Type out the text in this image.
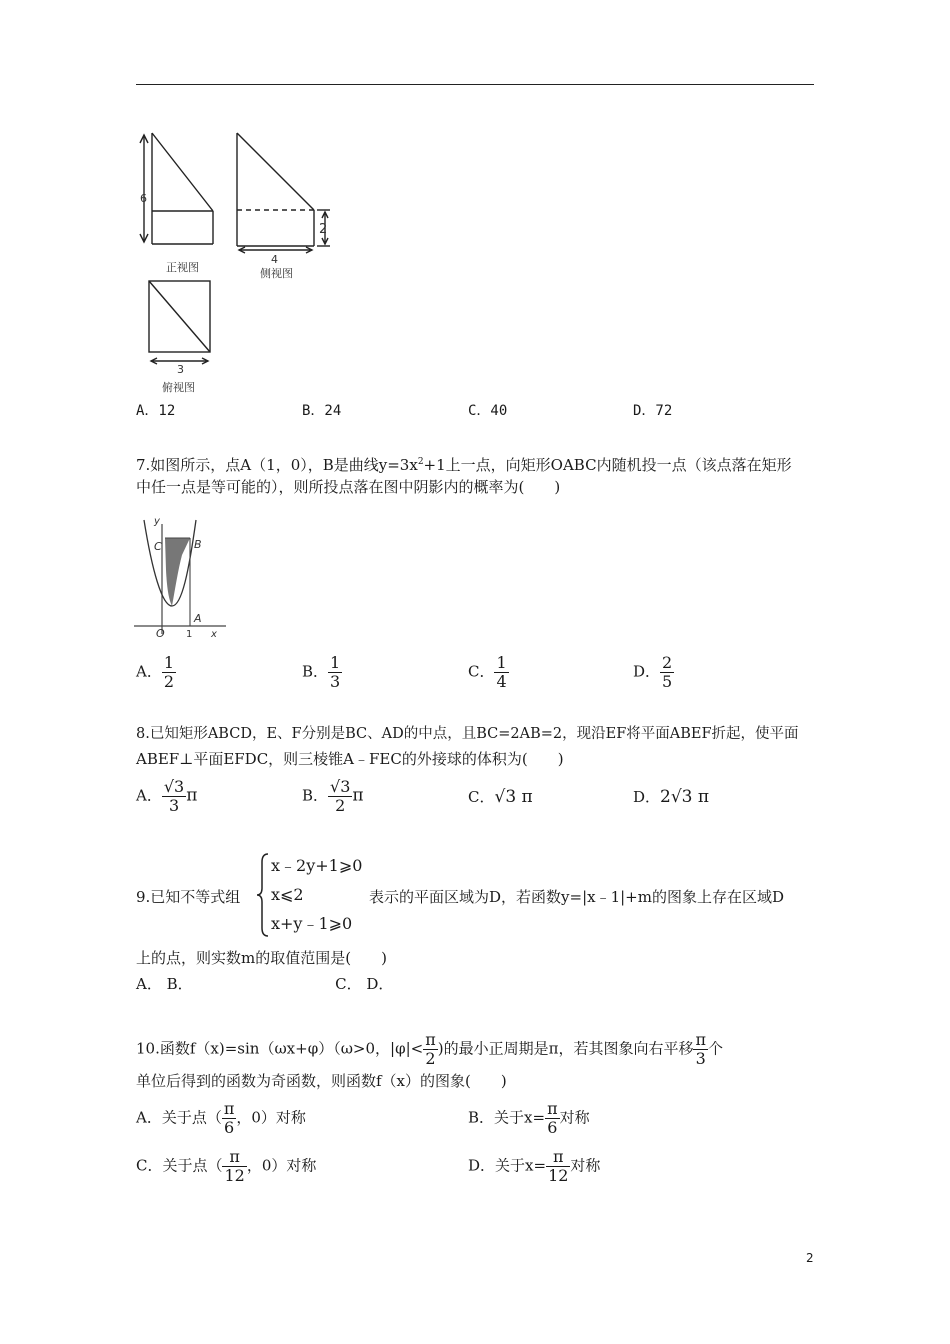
6
正视图
4
2
侧视图
3
俯视图
A．12	B．24	C．40	D．72
7.如图所示，点A（1，0），B是曲线$y=3x^2+1$上一点，向矩形OABC内随机投一点（该点落在矩形
中任一点是等可能的），则所投点落在图中阴影内的概率为(　　)
y
C	B
A
O 1 x
A． $\frac{1}{2}$	B． $\frac{1}{3}$	C． $\frac{1}{4}$	D． $\frac{2}{5}$
8.已知矩形ABCD，E、F分别是BC、AD的中点，且BC=2AB=2，现沿EF将平面ABEF折起，使平面
ABEF⊥平面EFDC，则三棱锥A﹣FEC的外接球的体积为(　　)
A． $\frac{√3}{3}$ π	B． $\frac{√3}{2}$ π	C．√3 π	D．2√3 π
9.已知不等式组
x﹣2y+1⩾0
x⩽2
x+y﹣1⩾0
表示的平面区域为D，若函数y=|x﹣1|+m的图象上存在区域D
上的点，则实数m的取值范围是(　　)
A． B．　　　　　　　　　　C． D．
10.函数f（x)=sin（ωx+φ）（ω>0，$|\varphi|< \frac{\pi}{2}$ )的最小正周期是π，若其图象向右平移 $\frac{\pi}{3}$ 个
单位后得到的函数为奇函数，则函数f（x）的图象(　　)
A．关于点（ $\frac{\pi}{6}$ ，0）对称	B．关于$x= \frac{\pi}{6}$ 对称
C．关于点（ $\frac{\pi}{12}$ ，0）对称	D．关于$x= \frac{\pi}{12}$ 对称
2
